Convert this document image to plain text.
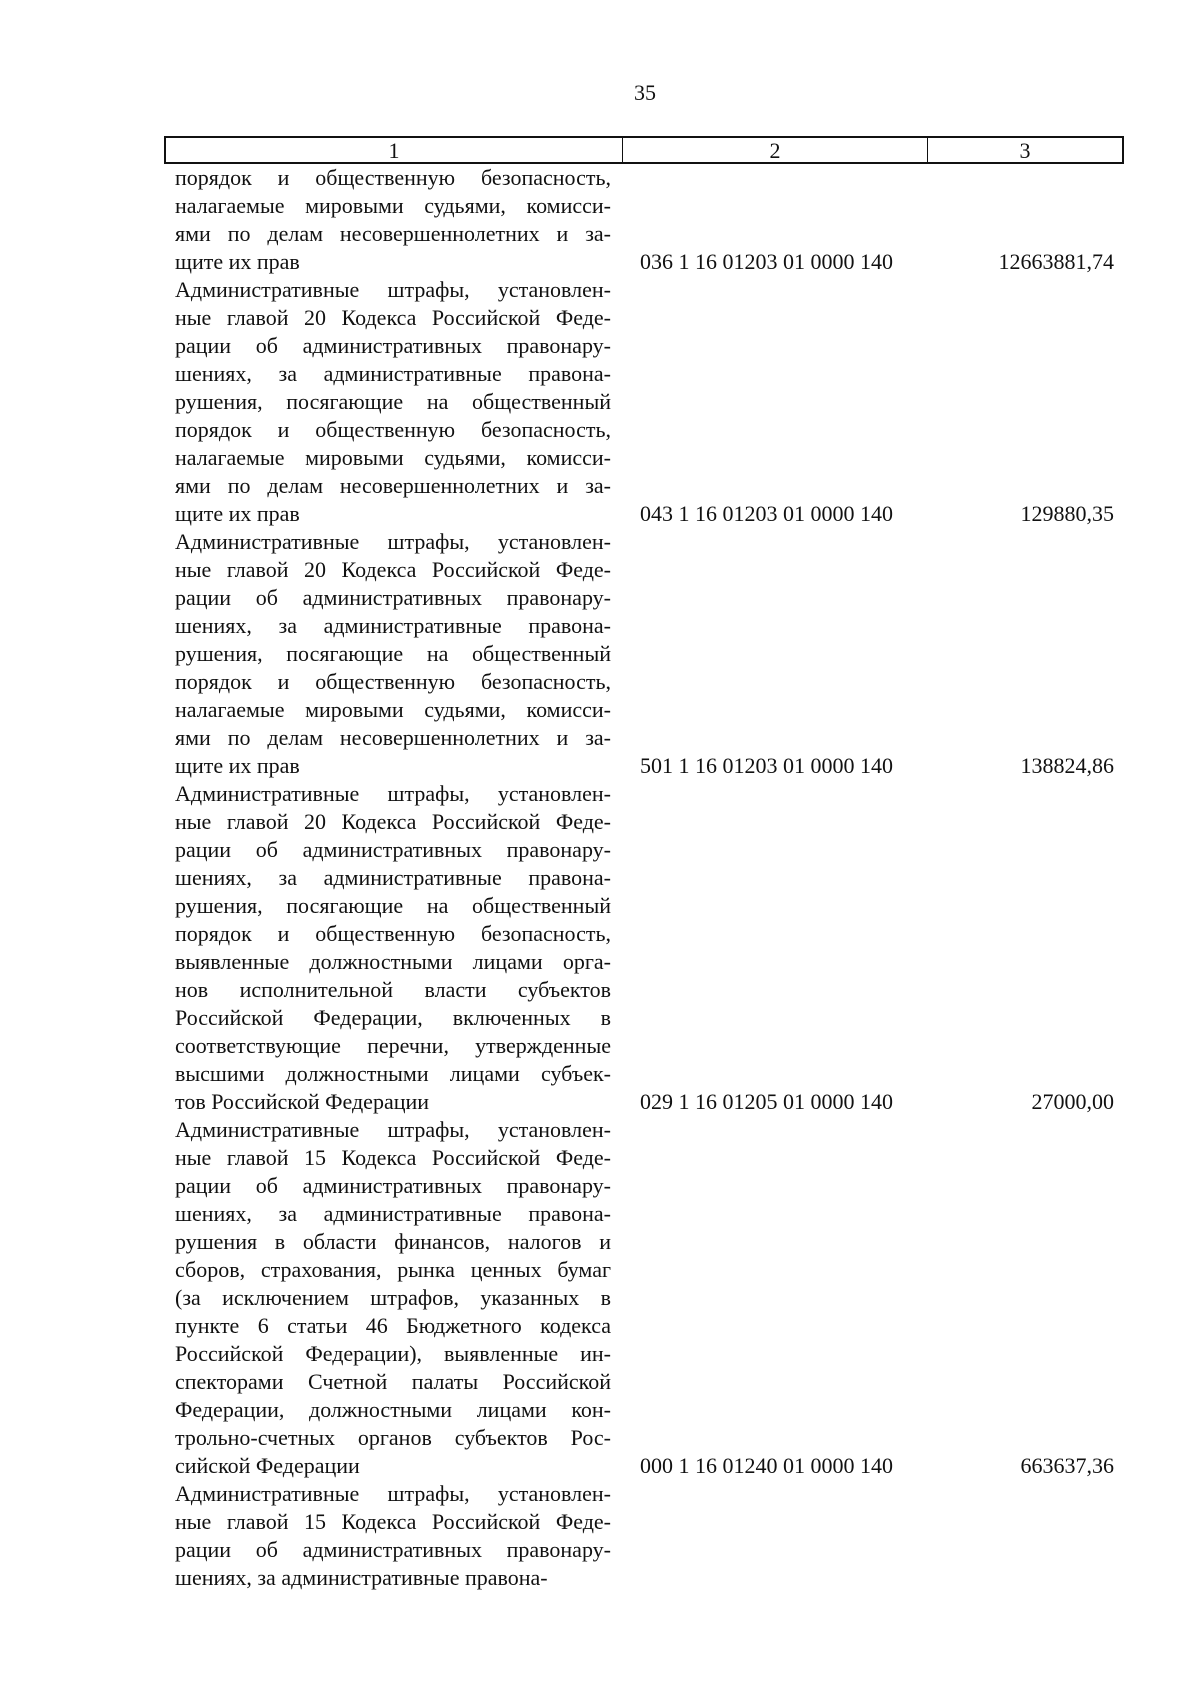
35
1	2	3
порядок и общественную безопасность,
налагаемые мировыми судьями, комисси-
ями по делам несовершеннолетних и за-
щите их прав	036 1 16 01203 01 0000 140	12663881,74
Административные штрафы, установлен-
ные главой 20 Кодекса Российской Феде-
рации об административных правонару-
шениях, за административные правона-
рушения, посягающие на общественный
порядок и общественную безопасность,
налагаемые мировыми судьями, комисси-
ями по делам несовершеннолетних и за-
щите их прав	043 1 16 01203 01 0000 140	129880,35
Административные штрафы, установлен-
ные главой 20 Кодекса Российской Феде-
рации об административных правонару-
шениях, за административные правона-
рушения, посягающие на общественный
порядок и общественную безопасность,
налагаемые мировыми судьями, комисси-
ями по делам несовершеннолетних и за-
щите их прав	501 1 16 01203 01 0000 140	138824,86
Административные штрафы, установлен-
ные главой 20 Кодекса Российской Феде-
рации об административных правонару-
шениях, за административные правона-
рушения, посягающие на общественный
порядок и общественную безопасность,
выявленные должностными лицами орга-
нов исполнительной власти субъектов
Российской Федерации, включенных в
соответствующие перечни, утвержденные
высшими должностными лицами субъек-
тов Российской Федерации	029 1 16 01205 01 0000 140	27000,00
Административные штрафы, установлен-
ные главой 15 Кодекса Российской Феде-
рации об административных правонару-
шениях, за административные правона-
рушения в области финансов, налогов и
сборов, страхования, рынка ценных бумаг
(за исключением штрафов, указанных в
пункте 6 статьи 46 Бюджетного кодекса
Российской Федерации), выявленные ин-
спекторами Счетной палаты Российской
Федерации, должностными лицами кон-
трольно-счетных органов субъектов Рос-
сийской Федерации	000 1 16 01240 01 0000 140	663637,36
Административные штрафы, установлен-
ные главой 15 Кодекса Российской Феде-
рации об административных правонару-
шениях, за административные правона-
